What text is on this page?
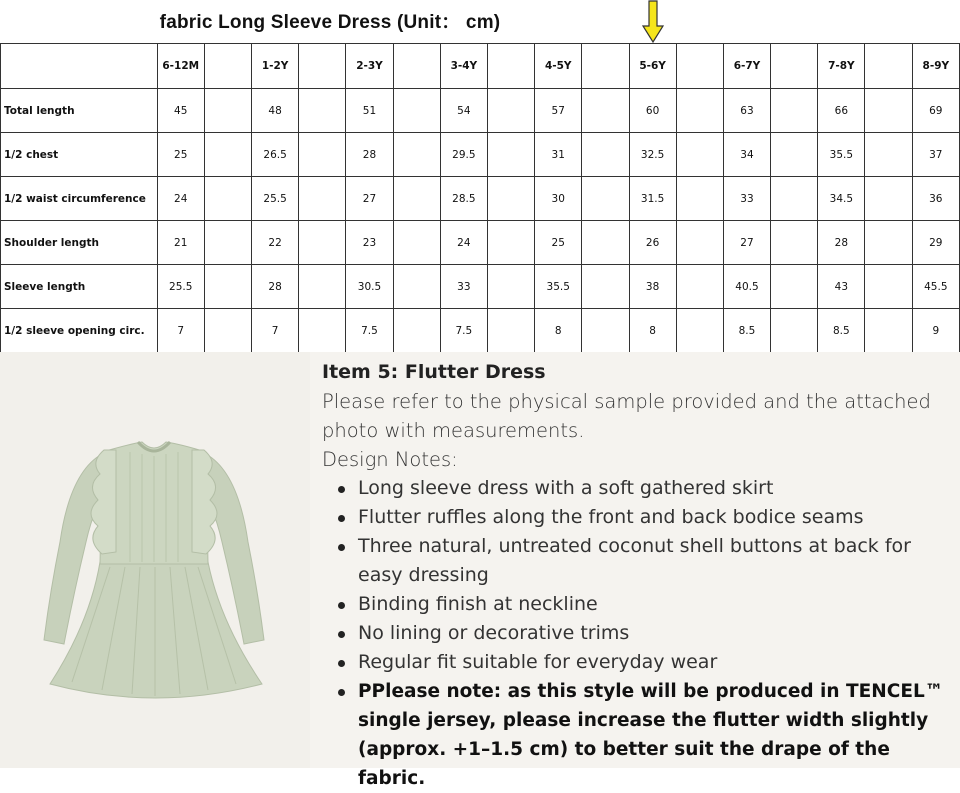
fabric Long Sleeve Dress (Unit： cm)
	6-12M		1-2Y		2-3Y		3-4Y		4-5Y		5-6Y		6-7Y		7-8Y		8-9Y
Total length	45		48		51		54		57		60		63		66		69
1/2 chest	25		26.5		28		29.5		31		32.5		34		35.5		37
1/2 waist circumference	24		25.5		27		28.5		30		31.5		33		34.5		36
Shoulder length	21		22		23		24		25		26		27		28		29
Sleeve length	25.5		28		30.5		33		35.5		38		40.5		43		45.5
1/2 sleeve opening circ.	7		7		7.5		7.5		8		8		8.5		8.5		9
Item 5: Flutter Dress
Please refer to the physical sample provided and the attached photo with measurements.
Design Notes:
Long sleeve dress with a soft gathered skirt
Flutter ruffles along the front and back bodice seams
Three natural, untreated coconut shell buttons at back for easy dressing
Binding finish at neckline
No lining or decorative trims
Regular fit suitable for everyday wear
PPlease note: as this style will be produced in TENCEL™ single jersey, please increase the flutter width slightly (approx. +1–1.5 cm) to better suit the drape of the fabric.
